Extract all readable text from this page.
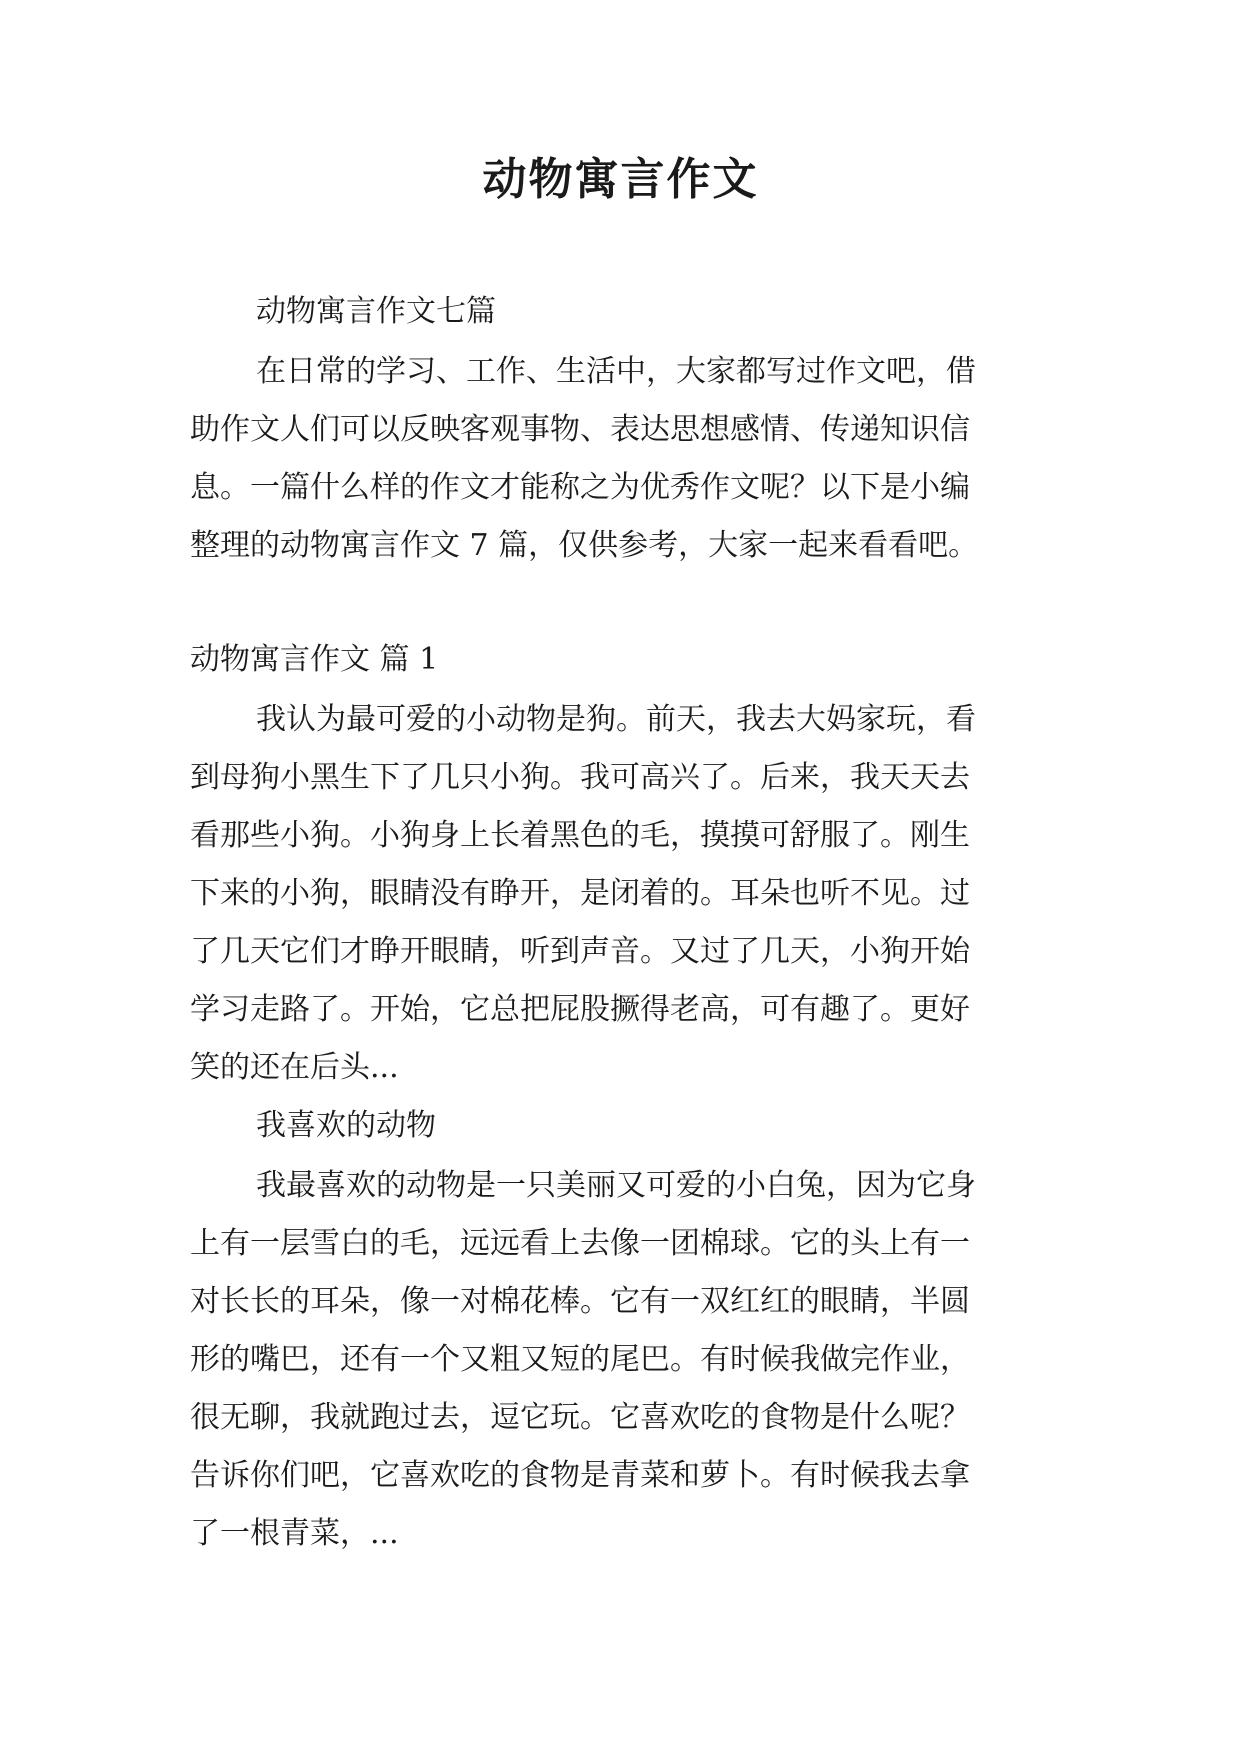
动物寓言作文
动物寓言作文七篇
在日常的学习、工作、生活中，大家都写过作文吧，借
助作文人们可以反映客观事物、表达思想感情、传递知识信
息。一篇什么样的作文才能称之为优秀作文呢？以下是小编
整理的动物寓言作文 7 篇，仅供参考，大家一起来看看吧。
动物寓言作文 篇 1
我认为最可爱的小动物是狗。前天，我去大妈家玩，看
到母狗小黑生下了几只小狗。我可高兴了。后来，我天天去
看那些小狗。小狗身上长着黑色的毛，摸摸可舒服了。刚生
下来的小狗，眼睛没有睁开，是闭着的。耳朵也听不见。过
了几天它们才睁开眼睛，听到声音。又过了几天，小狗开始
学习走路了。开始，它总把屁股撅得老高，可有趣了。更好
笑的还在后头...
我喜欢的动物
我最喜欢的动物是一只美丽又可爱的小白兔，因为它身
上有一层雪白的毛，远远看上去像一团棉球。它的头上有一
对长长的耳朵，像一对棉花棒。它有一双红红的眼睛，半圆
形的嘴巴，还有一个又粗又短的尾巴。有时候我做完作业，
很无聊，我就跑过去，逗它玩。它喜欢吃的食物是什么呢？
告诉你们吧，它喜欢吃的食物是青菜和萝卜。有时候我去拿
了一根青菜，...
